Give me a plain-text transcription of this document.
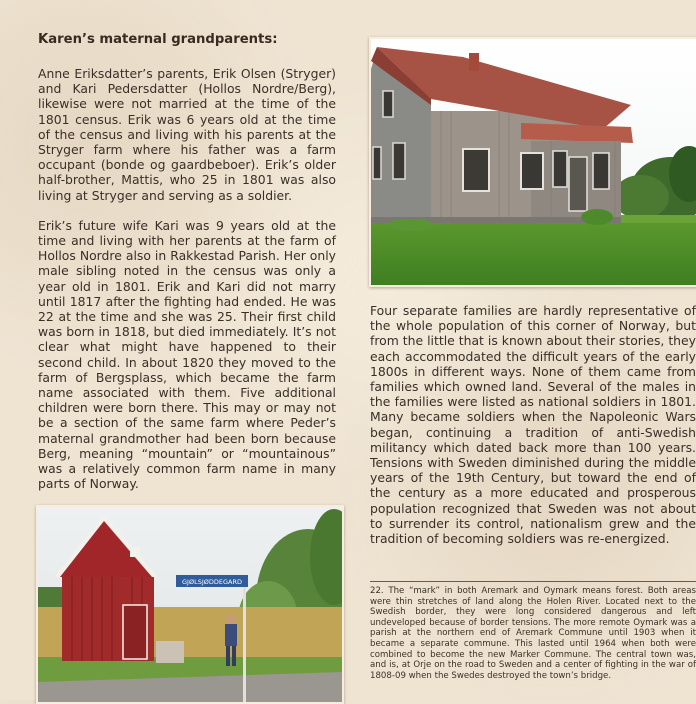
Karen’s maternal grandparents:

Anne Eriksdatter’s parents, Erik Olsen (Stryger) and Kari Pedersdatter (Hollos Nordre/Berg), likewise were not married at the time of the 1801 census. Erik was 6 years old at the time of the census and living with his parents at the Stryger farm where his father was a farm occupant (bonde og gaardbeboer). Erik’s older half-brother, Mattis, who 25 in 1801 was also living at Stryger and serving as a soldier.

Erik’s future wife Kari was 9 years old at the time and living with her parents at the farm of Hollos Nordre also in Rakkestad Parish. Her only male sibling noted in the census was only a year old in 1801. Erik and Kari did not marry until 1817 after the fighting had ended. He was 22 at the time and she was 25. Their first child was born in 1818, but died immediately. It’s not clear what might have happened to their second child. In about 1820 they moved to the farm of Bergsplass, which became the farm name associated with them. Five additional children were born there. This may or may not be a section of the same farm where Peder’s maternal grandmother had been born because Berg, meaning “mountain” or “mountainous” was a relatively common farm name in many parts of Norway.

Four separate families are hardly representative of the whole population of this corner of Norway, but from the little that is known about their stories, they each accommodated the difficult years of the early 1800s in different ways. None of them came from families which owned land. Several of the males in the families were listed as national soldiers in 1801. Many became soldiers when the Napoleonic Wars began, continuing a tradition of anti-Swedish militancy which dated back more than 100 years. Tensions with Sweden diminished during the middle years of the 19th Century, but toward the end of the century as a more educated and prosperous population recognized that Sweden was not about to surrender its control, nationalism grew and the tradition of becoming soldiers was re-energized.

22. The “mark” in both Aremark and Oymark means forest. Both areas were thin stretches of land along the Holen River. Located next to the Swedish border, they were long considered dangerous and left undeveloped because of border tensions. The more remote Oymark was a parish at the northern end of Aremark Commune until 1903 when it became a separate commune. This lasted until 1964 when both were combined to become the new Marker Commune. The central town was, and is, at Orje on the road to Sweden and a center of fighting in the war of 1808-09 when the Swedes destroyed the town’s bridge.
GJØLSJØDDEGARD
